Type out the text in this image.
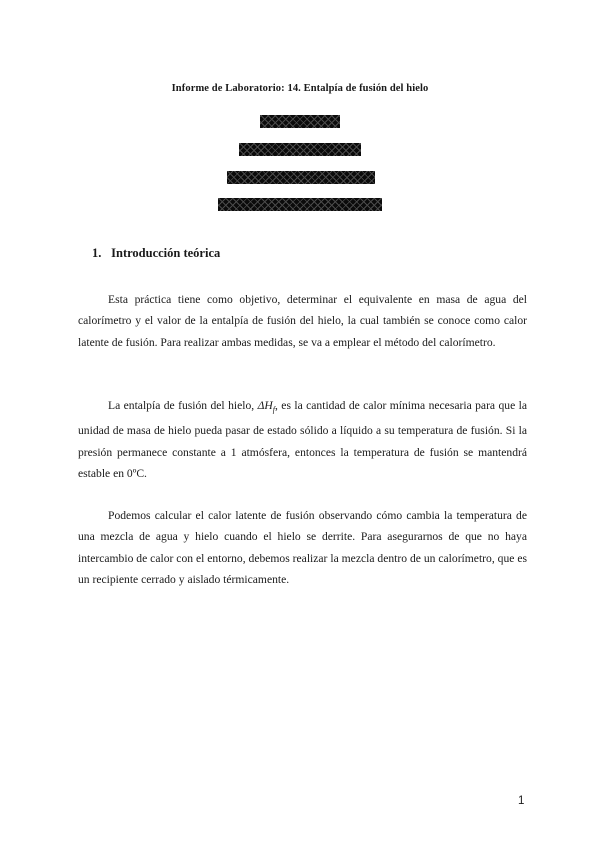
Informe de Laboratorio: 14. Entalpía de fusión del hielo
1. Introducción teórica

Esta práctica tiene como objetivo, determinar el equivalente en masa de agua del calorímetro y el valor de la entalpía de fusión del hielo, la cual también se conoce como calor latente de fusión. Para realizar ambas medidas, se va a emplear el método del calorímetro.

La entalpía de fusión del hielo, $\Delta H_f$, es la cantidad de calor mínima necesaria para que la unidad de masa de hielo pueda pasar de estado sólido a líquido a su temperatura de fusión. Si la presión permanece constante a 1 atmósfera, entonces la temperatura de fusión se mantendrá estable en 0ºC.

Podemos calcular el calor latente de fusión observando cómo cambia la temperatura de una mezcla de agua y hielo cuando el hielo se derrite. Para asegurarnos de que no haya intercambio de calor con el entorno, debemos realizar la mezcla dentro de un calorímetro, que es un recipiente cerrado y aislado térmicamente.

1
